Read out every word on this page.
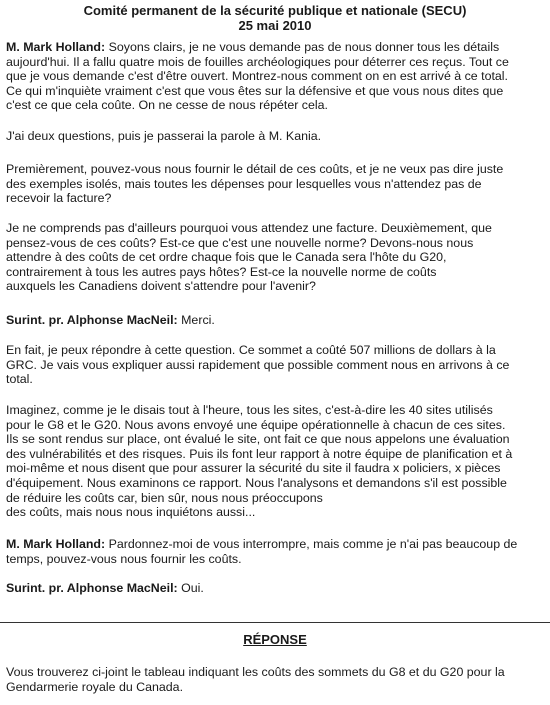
Comité permanent de la sécurité publique et nationale (SECU)
25 mai 2010

M. Mark Holland: Soyons clairs, je ne vous demande pas de nous donner tous les détails
aujourd'hui. Il a fallu quatre mois de fouilles archéologiques pour déterrer ces reçus. Tout ce
que je vous demande c'est d'être ouvert. Montrez-nous comment on en est arrivé à ce total.
Ce qui m'inquiète vraiment c'est que vous êtes sur la défensive et que vous nous dites que
c'est ce que cela coûte. On ne cesse de nous répéter cela.

J'ai deux questions, puis je passerai la parole à M. Kania.

Premièrement, pouvez-vous nous fournir le détail de ces coûts, et je ne veux pas dire juste
des exemples isolés, mais toutes les dépenses pour lesquelles vous n'attendez pas de
recevoir la facture?

Je ne comprends pas d'ailleurs pourquoi vous attendez une facture. Deuxièmement, que
pensez-vous de ces coûts? Est-ce que c'est une nouvelle norme? Devons-nous nous
attendre à des coûts de cet ordre chaque fois que le Canada sera l'hôte du G20,
contrairement à tous les autres pays hôtes? Est-ce la nouvelle norme de coûts
auxquels les Canadiens doivent s'attendre pour l'avenir?

Surint. pr. Alphonse MacNeil: Merci.

En fait, je peux répondre à cette question. Ce sommet a coûté 507 millions de dollars à la
GRC. Je vais vous expliquer aussi rapidement que possible comment nous en arrivons à ce
total.

Imaginez, comme je le disais tout à l'heure, tous les sites, c'est-à-dire les 40 sites utilisés
pour le G8 et le G20. Nous avons envoyé une équipe opérationnelle à chacun de ces sites.
Ils se sont rendus sur place, ont évalué le site, ont fait ce que nous appelons une évaluation
des vulnérabilités et des risques. Puis ils font leur rapport à notre équipe de planification et à
moi-même et nous disent que pour assurer la sécurité du site il faudra x policiers, x pièces
d'équipement. Nous examinons ce rapport. Nous l'analysons et demandons s'il est possible
de réduire les coûts car, bien sûr, nous nous préoccupons
des coûts, mais nous nous inquiétons aussi...

M. Mark Holland: Pardonnez-moi de vous interrompre, mais comme je n'ai pas beaucoup de
temps, pouvez-vous nous fournir les coûts.

Surint. pr. Alphonse MacNeil: Oui.

RÉPONSE

Vous trouverez ci-joint le tableau indiquant les coûts des sommets du G8 et du G20 pour la
Gendarmerie royale du Canada.
